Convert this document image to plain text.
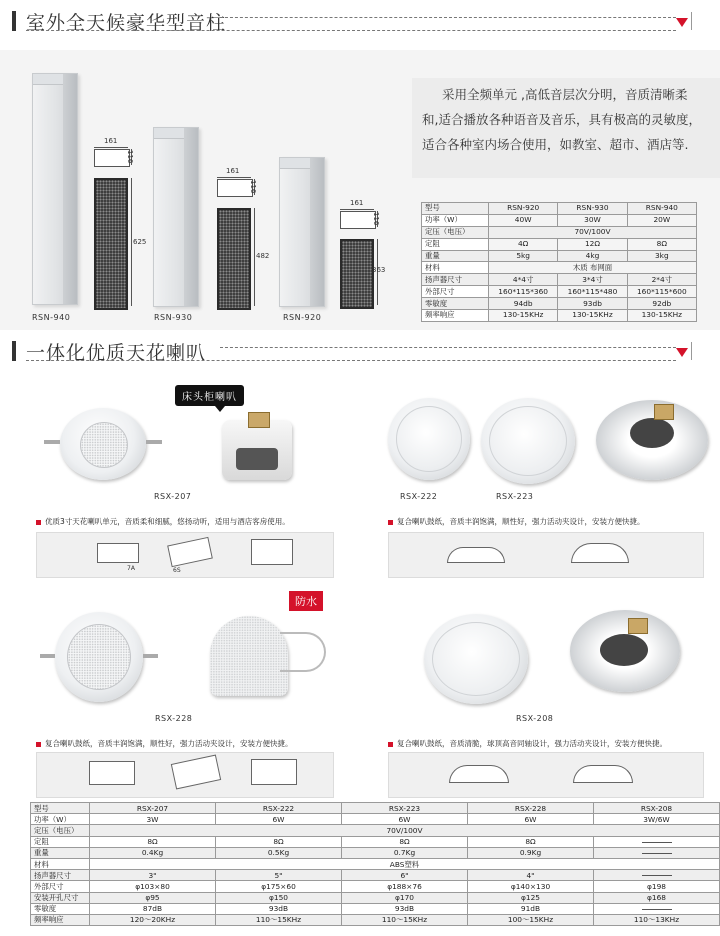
室外全天候豪华型音柱
RSN-940
161
116
625
RSN-930
161
116
482
RSN-920
161
116
363

采用全频单元 ,高低音层次分明，音质清晰柔

和,适合播放各种语音及音乐，具有极高的灵敏度，

适合各种室内场合使用，如教室、超市、酒店等.

型号	RSN-920	RSN-930	RSN-940
功率（W）	40W	30W	20W
定压（电压）	70V/100V		
定阻	4Ω	12Ω	8Ω
重量	5kg	4kg	3kg
材料	木质 布网面		
扬声器尺寸	4*4寸	3*4寸	2*4寸
外部尺寸	160*115*360	160*115*480	160*115*600
零敏度	94db	93db	92db
频率响应	130-15KHz	130-15KHz	130-15KHz
一体化优质天花喇叭
床头柜喇叭
RSX-207
优质3寸天花喇叭单元，音质柔和细腻，悠扬动听，适用与酒店客房使用。
7A	6S
RSX-222	RSX-223
复合喇叭鼓纸，音质丰润饱满，顺性好，强力活动夹设计，安装方便快捷。
防水
RSX-228
复合喇叭鼓纸，音质丰润饱满，顺性好，强力活动夹设计，安装方便快捷。
RSX-208
复合喇叭鼓纸，音质清脆，球顶高音同轴设计，强力活动夹设计，安装方便快捷。
型号	RSX-207	RSX-222	RSX-223	RSX-228	RSX-208
功率（W）	3W	6W	6W	6W	3W/6W
定压（电压）	70V/100V				
定阻	8Ω	8Ω	8Ω	8Ω	
重量	0.4Kg	0.5Kg	0.7Kg	0.9Kg	
材料	ABS塑料				
扬声器尺寸	3"	5"	6"	4"	
外部尺寸	φ103×80	φ175×60	φ188×76	φ140×130	φ198
安装开孔尺寸	φ95	φ150	φ170	φ125	φ168
零敏度	87dB	93dB	93dB	91dB	
频率响应	120～20KHz	110～15KHz	110～15KHz	100～15KHz	110～13KHz
